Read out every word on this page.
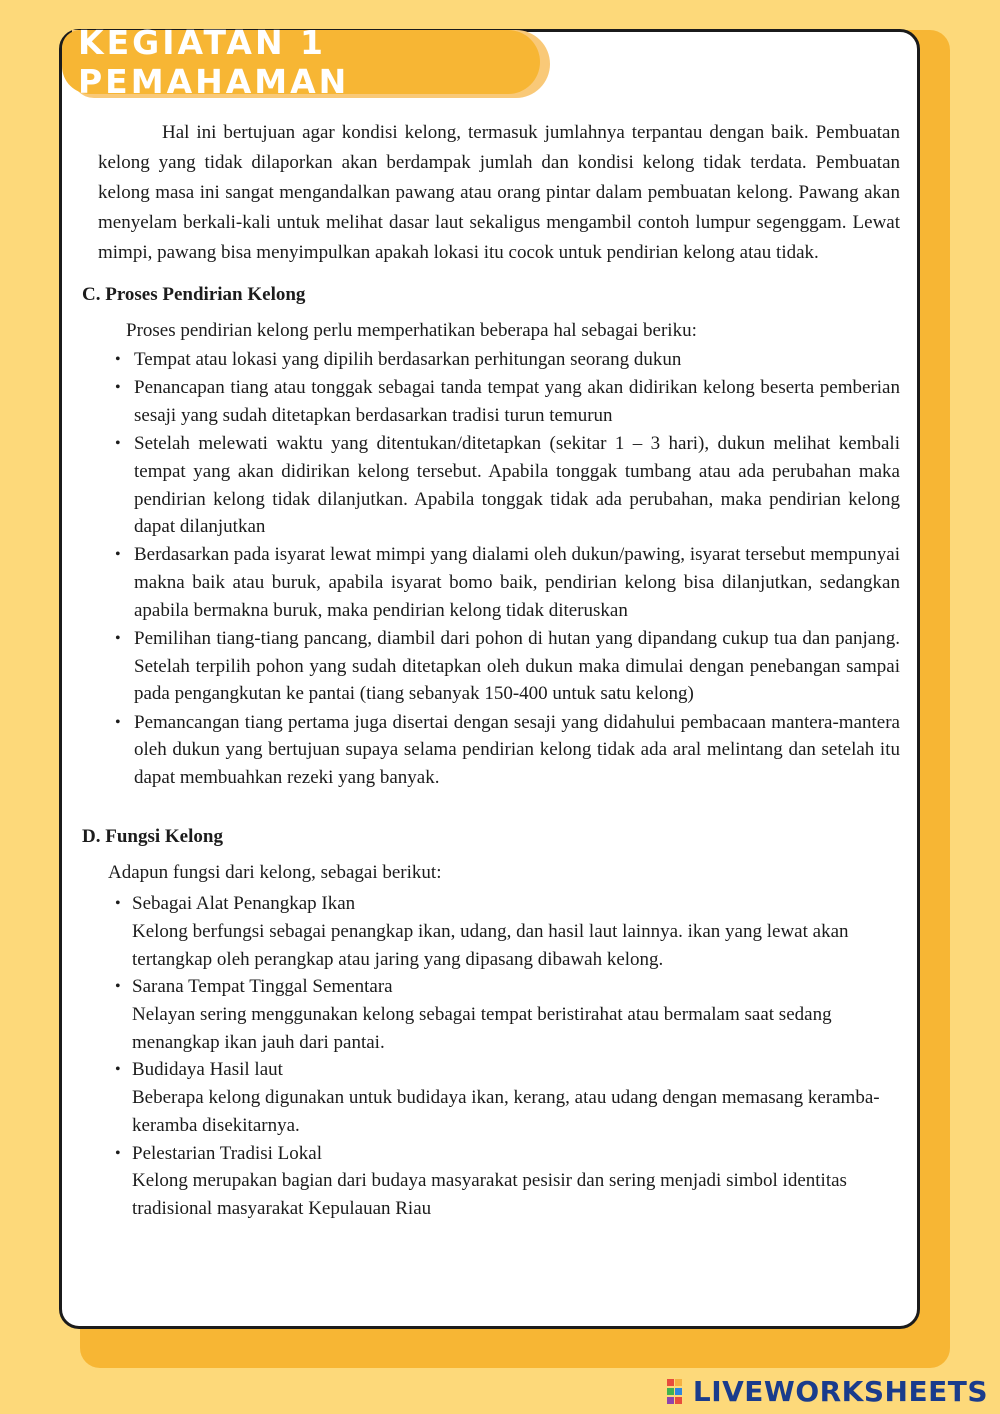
KEGIATAN 1 PEMAHAMAN

Hal ini bertujuan agar kondisi kelong, termasuk jumlahnya terpantau dengan baik. Pembuatan kelong yang tidak dilaporkan akan berdampak jumlah dan kondisi kelong tidak terdata. Pembuatan kelong masa ini sangat mengandalkan pawang atau orang pintar dalam pembuatan kelong. Pawang akan menyelam berkali-kali untuk melihat dasar laut sekaligus mengambil contoh lumpur segenggam. Lewat mimpi, pawang bisa menyimpulkan apakah lokasi itu cocok untuk pendirian kelong atau tidak.

C. Proses Pendirian Kelong

Proses pendirian kelong perlu memperhatikan beberapa hal sebagai beriku:

• Tempat atau lokasi yang dipilih berdasarkan perhitungan seorang dukun
• Penancapan tiang atau tonggak sebagai tanda tempat yang akan didirikan kelong beserta pemberian sesaji yang sudah ditetapkan berdasarkan tradisi turun temurun
• Setelah melewati waktu yang ditentukan/ditetapkan (sekitar 1 – 3 hari), dukun melihat kembali tempat yang akan didirikan kelong tersebut. Apabila tonggak tumbang atau ada perubahan maka pendirian kelong tidak dilanjutkan. Apabila tonggak tidak ada perubahan, maka pendirian kelong dapat dilanjutkan
• Berdasarkan pada isyarat lewat mimpi yang dialami oleh dukun/pawing, isyarat tersebut mempunyai makna baik atau buruk, apabila isyarat bomo baik, pendirian kelong bisa dilanjutkan, sedangkan apabila bermakna buruk, maka pendirian kelong tidak diteruskan
• Pemilihan tiang-tiang pancang, diambil dari pohon di hutan yang dipandang cukup tua dan panjang. Setelah terpilih pohon yang sudah ditetapkan oleh dukun maka dimulai dengan penebangan sampai pada pengangkutan ke pantai (tiang sebanyak 150-400 untuk satu kelong)
• Pemancangan tiang pertama juga disertai dengan sesaji yang didahului pembacaan mantera-mantera oleh dukun yang bertujuan supaya selama pendirian kelong tidak ada aral melintang dan setelah itu dapat membuahkan rezeki yang banyak.
D. Fungsi Kelong

Adapun fungsi dari kelong, sebagai berikut:

• Sebagai Alat Penangkap Ikan
Kelong berfungsi sebagai penangkap ikan, udang, dan hasil laut lainnya. ikan yang lewat akan tertangkap oleh perangkap atau jaring yang dipasang dibawah kelong.
• Sarana Tempat Tinggal Sementara
Nelayan sering menggunakan kelong sebagai tempat beristirahat atau bermalam saat sedang menangkap ikan jauh dari pantai.
• Budidaya Hasil laut
Beberapa kelong digunakan untuk budidaya ikan, kerang, atau udang dengan memasang keramba-keramba disekitarnya.
• Pelestarian Tradisi Lokal
Kelong merupakan bagian dari budaya masyarakat pesisir dan sering menjadi simbol identitas tradisional masyarakat Kepulauan Riau
LIVEWORKSHEETS
